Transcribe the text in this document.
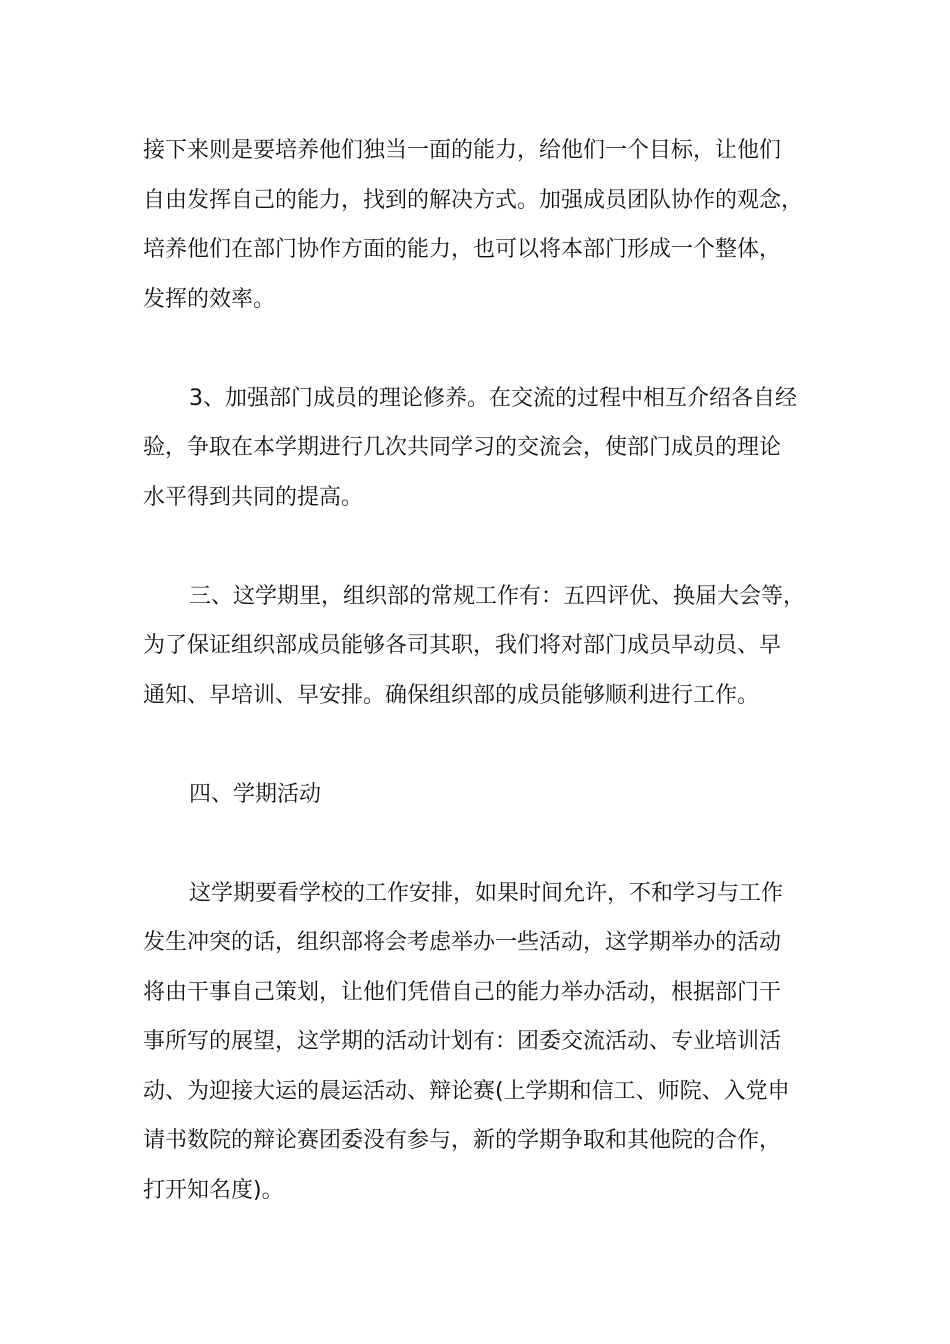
接下来则是要培养他们独当一面的能力，给他们一个目标，让他们
自由发挥自己的能力，找到的解决方式。加强成员团队协作的观念，
培养他们在部门协作方面的能力，也可以将本部门形成一个整体，
发挥的效率。
3、加强部门成员的理论修养。在交流的过程中相互介绍各自经
验，争取在本学期进行几次共同学习的交流会，使部门成员的理论
水平得到共同的提高。
三、这学期里，组织部的常规工作有：五四评优、换届大会等，
为了保证组织部成员能够各司其职，我们将对部门成员早动员、早
通知、早培训、早安排。确保组织部的成员能够顺利进行工作。
四、学期活动
这学期要看学校的工作安排，如果时间允许，不和学习与工作
发生冲突的话，组织部将会考虑举办一些活动，这学期举办的活动
将由干事自己策划，让他们凭借自己的能力举办活动，根据部门干
事所写的展望，这学期的活动计划有：团委交流活动、专业培训活
动、为迎接大运的晨运活动、辩论赛(上学期和信工、师院、入党申
请书数院的辩论赛团委没有参与，新的学期争取和其他院的合作，
打开知名度)。
